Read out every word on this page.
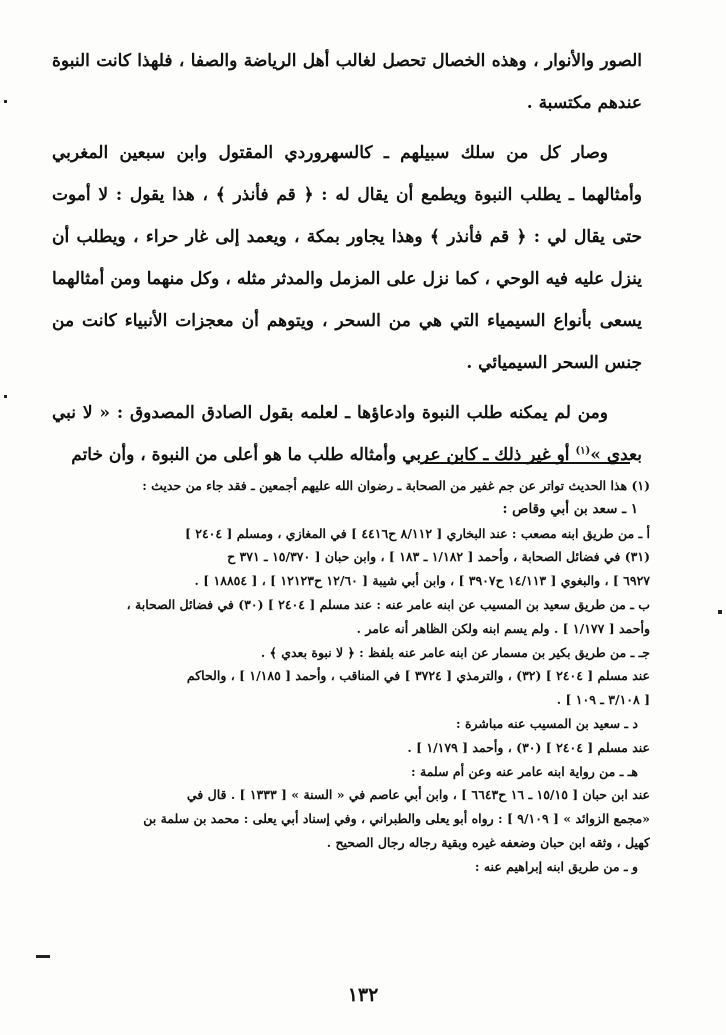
الصور والأنوار ، وهذه الخصال تحصل لغالب أهل الرياضة والصفا ، فلهذا كانت النبوة عندهم مكتسبة .

وصار كل من سلك سبيلهم ـ كالسهروردي المقتول وابن سبعين المغربي وأمثالهما ـ يطلب النبوة ويطمع أن يقال له : ﴿ قم فأنذر ﴾ ، هذا يقول : لا أموت حتى يقال لي : ﴿ قم فأنذر ﴾ وهذا يجاور بمكة ، ويعمد إلى غار حراء ، ويطلب أن ينزل عليه فيه الوحي ، كما نزل على المزمل والمدثر مثله ، وكل منهما ومن أمثالهما يسعى بأنواع السيمياء التي هي من السحر ، ويتوهم أن معجزات الأنبياء كانت من جنس السحر السيميائي .

ومن لم يمكنه طلب النبوة وادعاؤها ـ لعلمه بقول الصادق المصدوق : « لا نبي بعدي »$^{(١)}$ أو غير ذلك ـ كابن عربي وأمثاله طلب ما هو أعلى من النبوة ، وأن خاتم

(١) هذا الحديث تواتر عن جم غفير من الصحابة ـ رضوان الله عليهم أجمعين ـ فقد جاء من حديث :
١ ـ سعد بن أبي وقاص :
أ ـ من طريق ابنه مصعب : عند البخاري [ ٨/١١٢ ح٤٤١٦ ] في المغازي ، ومسلم [ ٢٤٠٤ ]
(٣١) في فضائل الصحابة ، وأحمد [ ١/١٨٢ ـ ١٨٣ ] ، وابن حبان [ ١٥/٣٧٠ ـ ٣٧١ ح
٦٩٢٧ ] ، والبغوي [ ١٤/١١٣ ح٣٩٠٧ ] ، وابن أبي شيبة [ ١٢/٦٠ ح١٢١٢٣ ] ، [ ١٨٨٥٤ ] .
ب ـ من طريق سعيد بن المسيب عن ابنه عامر عنه : عند مسلم [ ٢٤٠٤ ] (٣٠) في فضائل الصحابة ،
وأحمد [ ١/١٧٧ ] . ولم يسم ابنه ولكن الظاهر أنه عامر .
جـ ـ من طريق بكير بن مسمار عن ابنه عامر عنه بلفظ : ﴿ لا نبوة بعدي ﴾ .
عند مسلم [ ٢٤٠٤ ] (٣٢) ، والترمذي [ ٣٧٢٤ ] في المناقب ، وأحمد [ ١/١٨٥ ] ، والحاكم
[ ٣/١٠٨ ـ ١٠٩ ] .
د ـ سعيد بن المسيب عنه مباشرة :
عند مسلم [ ٢٤٠٤ ] (٣٠) ، وأحمد [ ١/١٧٩ ] .
هـ ـ من رواية ابنه عامر عنه وعن أم سلمة :
عند ابن حبان [ ١٥/١٥ ـ ١٦ ح٦٦٤٣ ] ، وابن أبي عاصم في « السنة » [ ١٣٣٣ ] . قال في
«مجمع الزوائد » [ ٩/١٠٩ ] : رواه أبو يعلى والطبراني ، وفي إسناد أبي يعلى : محمد بن سلمة بن
كهيل ، وثقه ابن حبان وضعفه غيره وبقية رجاله رجال الصحيح .
و ـ من طريق ابنه إبراهيم عنه :
١٣٢
